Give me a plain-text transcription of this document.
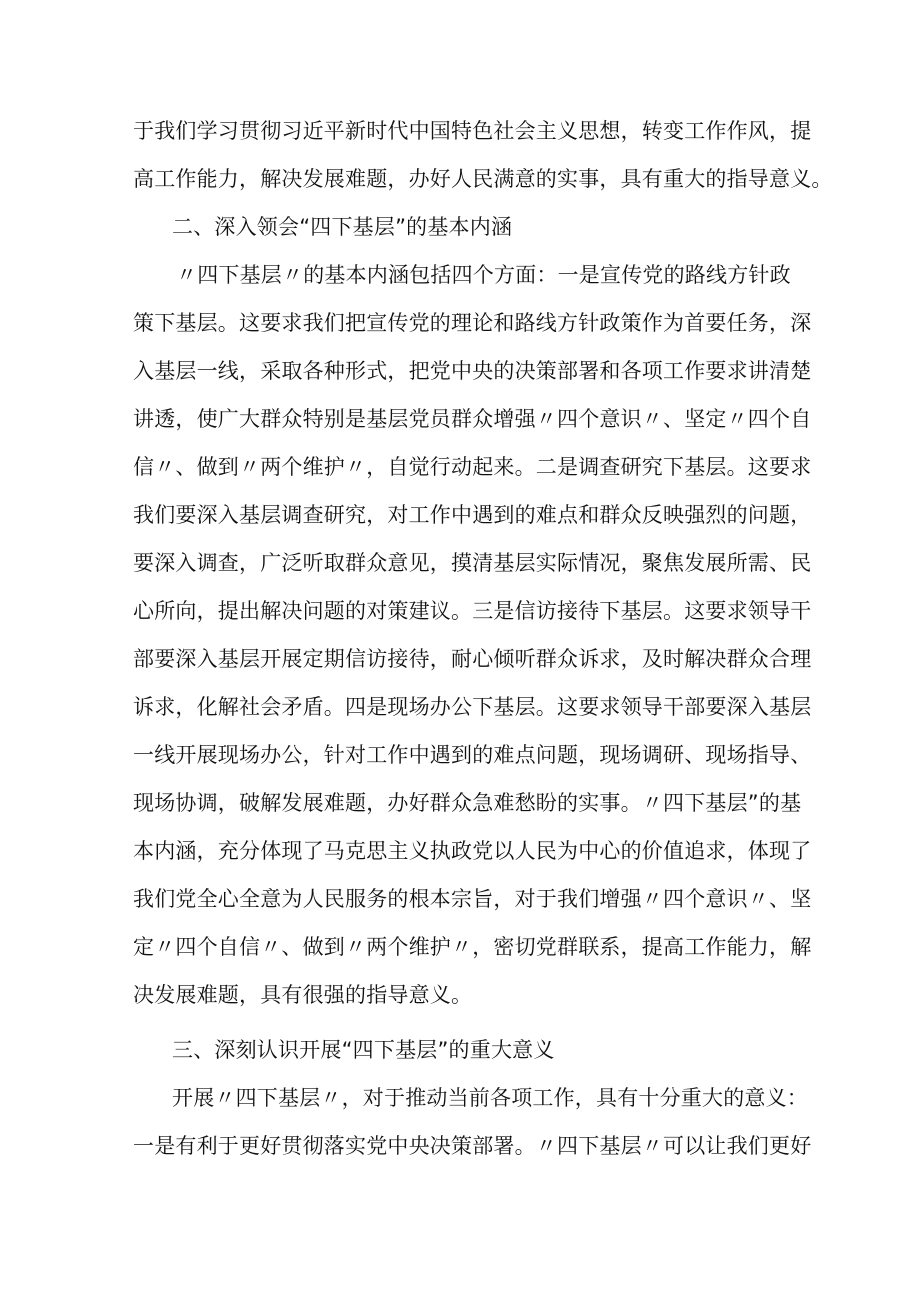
于我们学习贯彻习近平新时代中国特色社会主义思想，转变工作作风，提
高工作能力，解决发展难题，办好人民满意的实事，具有重大的指导意义。
二、深入领会“四下基层”的基本内涵
〃四下基层〃的基本内涵包括四个方面：一是宣传党的路线方针政
策下基层。这要求我们把宣传党的理论和路线方针政策作为首要任务，深
入基层一线，采取各种形式，把党中央的决策部署和各项工作要求讲清楚
讲透，使广大群众特别是基层党员群众增强〃四个意识〃、坚定〃四个自
信〃、做到〃两个维护〃，自觉行动起来。二是调查研究下基层。这要求
我们要深入基层调查研究，对工作中遇到的难点和群众反映强烈的问题，
要深入调查，广泛听取群众意见，摸清基层实际情况，聚焦发展所需、民
心所向，提出解决问题的对策建议。三是信访接待下基层。这要求领导干
部要深入基层开展定期信访接待，耐心倾听群众诉求，及时解决群众合理
诉求，化解社会矛盾。四是现场办公下基层。这要求领导干部要深入基层
一线开展现场办公，针对工作中遇到的难点问题，现场调研、现场指导、
现场协调，破解发展难题，办好群众急难愁盼的实事。〃四下基层”的基
本内涵，充分体现了马克思主义执政党以人民为中心的价值追求，体现了
我们党全心全意为人民服务的根本宗旨，对于我们增强〃四个意识〃、坚
定〃四个自信〃、做到〃两个维护〃，密切党群联系，提高工作能力，解
决发展难题，具有很强的指导意义。
三、深刻认识开展“四下基层”的重大意义
开展〃四下基层〃，对于推动当前各项工作，具有十分重大的意义：
一是有利于更好贯彻落实党中央决策部署。〃四下基层〃可以让我们更好
